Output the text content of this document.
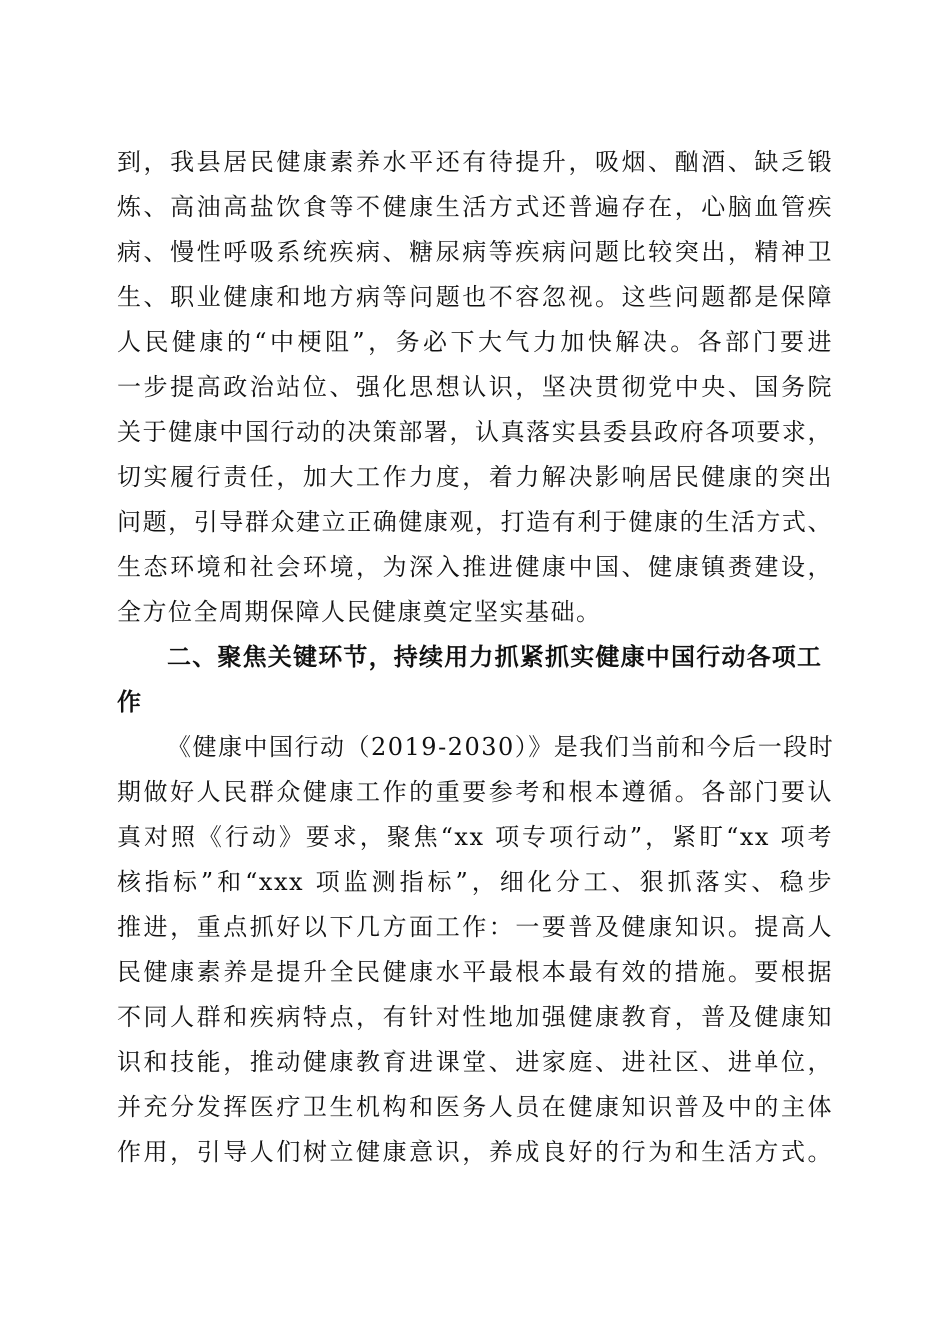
到，我县居民健康素养水平还有待提升，吸烟、酗酒、缺乏锻
炼、高油高盐饮食等不健康生活方式还普遍存在，心脑血管疾
病、慢性呼吸系统疾病、糖尿病等疾病问题比较突出，精神卫
生、职业健康和地方病等问题也不容忽视。这些问题都是保障
人民健康的“中梗阻”，务必下大气力加快解决。各部门要进
一步提高政治站位、强化思想认识，坚决贯彻党中央、国务院
关于健康中国行动的决策部署，认真落实县委县政府各项要求，
切实履行责任，加大工作力度，着力解决影响居民健康的突出
问题，引导群众建立正确健康观，打造有利于健康的生活方式、
生态环境和社会环境，为深入推进健康中国、健康镇赉建设，
全方位全周期保障人民健康奠定坚实基础。
二、聚焦关键环节，持续用力抓紧抓实健康中国行动各项工
作
《健康中国行动（2019-2030）》是我们当前和今后一段时
期做好人民群众健康工作的重要参考和根本遵循。各部门要认
真对照《行动》要求，聚焦“xx 项专项行动”，紧盯“xx 项考
核指标”和“xxx 项监测指标”，细化分工、狠抓落实、稳步
推进，重点抓好以下几方面工作：一要普及健康知识。提高人
民健康素养是提升全民健康水平最根本最有效的措施。要根据
不同人群和疾病特点，有针对性地加强健康教育，普及健康知
识和技能，推动健康教育进课堂、进家庭、进社区、进单位，
并充分发挥医疗卫生机构和医务人员在健康知识普及中的主体
作用，引导人们树立健康意识，养成良好的行为和生活方式。
